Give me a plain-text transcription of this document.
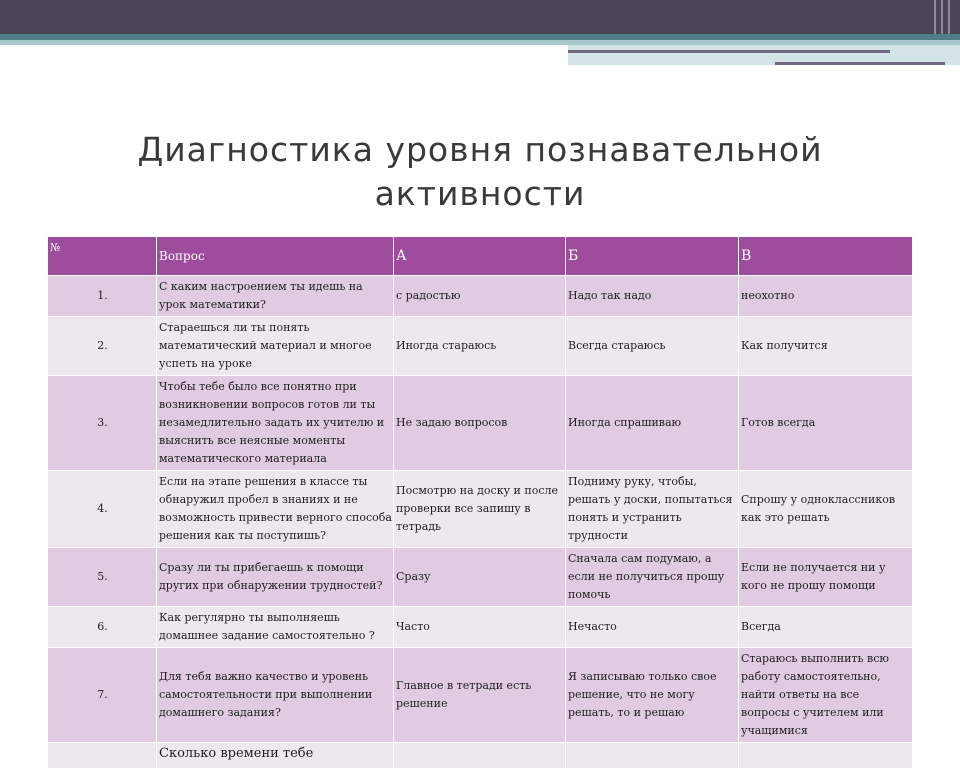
Диагностика уровня познавательной активности
№	Вопрос	А	Б	В
1.	С каким настроением ты идешь на урок математики?	с радостью	Надо так надо	неохотно
2.	Стараешься ли ты понять математический материал и многое успеть на уроке	Иногда стараюсь	Всегда стараюсь	Как получится
3.	Чтобы тебе было все понятно при возникновении вопросов готов ли ты незамедлительно задать их учителю и выяснить все неясные моменты математического материала	Не задаю вопросов	Иногда спрашиваю	Готов всегда
4.	Если на этапе решения в классе ты обнаружил пробел в знаниях и не возможность привести верного способа решения как ты поступишь?	Посмотрю на доску и после проверки все запишу в тетрадь	Подниму руку, чтобы, решать у доски, попытаться понять и устранить трудности	Спрошу у одноклассников как это решать
5.	Сразу ли ты прибегаешь к помощи других при обнаружении трудностей?	Сразу	Сначала сам подумаю, а если не получиться прошу помочь	Если не получается ни у кого не прошу помощи
6.	Как регулярно ты выполняешь домашнее задание самостоятельно ?	Часто	Нечасто	Всегда
7.	Для тебя важно качество и уровень самостоятельности при выполнении домашнего задания?	Главное в тетради есть решение	Я записываю только свое решение, что не могу решать, то и решаю	Стараюсь выполнить всю работу самостоятельно, найти ответы на все вопросы с учителем или учащимися
	Сколько времени тебе			
